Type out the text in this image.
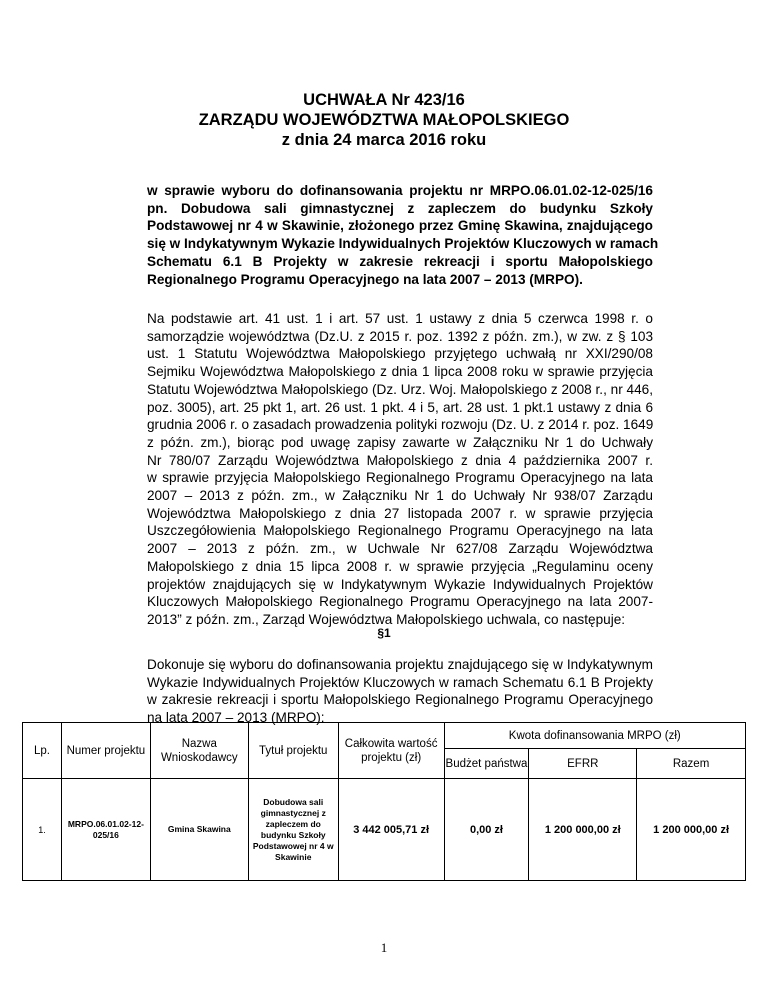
UCHWAŁA Nr 423/16
ZARZĄDU WOJEWÓDZTWA MAŁOPOLSKIEGO
z dnia 24 marca 2016 roku
w sprawie wyboru do dofinansowania projektu nr MRPO.06.01.02-12-025/16
pn. Dobudowa sali gimnastycznej z zapleczem do budynku Szkoły
Podstawowej nr 4 w Skawinie, złożonego przez Gminę Skawina, znajdującego
się w Indykatywnym Wykazie Indywidualnych Projektów Kluczowych w ramach
Schematu 6.1 B Projekty w zakresie rekreacji i sportu Małopolskiego
Regionalnego Programu Operacyjnego na lata 2007 – 2013 (MRPO).
Na podstawie art. 41 ust. 1 i art. 57 ust. 1 ustawy z dnia 5 czerwca 1998 r. o
samorządzie województwa (Dz.U. z 2015 r. poz. 1392 z późn. zm.), w zw. z § 103
ust. 1 Statutu Województwa Małopolskiego przyjętego uchwałą nr XXI/290/08
Sejmiku Województwa Małopolskiego z dnia 1 lipca 2008 roku w sprawie przyjęcia
Statutu Województwa Małopolskiego (Dz. Urz. Woj. Małopolskiego z 2008 r., nr 446,
poz. 3005), art. 25 pkt 1, art. 26 ust. 1 pkt. 4 i 5, art. 28 ust. 1 pkt.1 ustawy z dnia 6
grudnia 2006 r. o zasadach prowadzenia polityki rozwoju (Dz. U. z 2014 r. poz. 1649
z późn. zm.), biorąc pod uwagę zapisy zawarte w Załączniku Nr 1 do Uchwały
Nr 780/07 Zarządu Województwa Małopolskiego z dnia 4 października 2007 r.
w sprawie przyjęcia Małopolskiego Regionalnego Programu Operacyjnego na lata
2007 – 2013 z późn. zm., w Załączniku Nr 1 do Uchwały Nr 938/07 Zarządu
Województwa Małopolskiego z dnia 27 listopada 2007 r. w sprawie przyjęcia
Uszczegółowienia Małopolskiego Regionalnego Programu Operacyjnego na lata
2007 – 2013 z późn. zm., w Uchwale Nr 627/08 Zarządu Województwa
Małopolskiego z dnia 15 lipca 2008 r. w sprawie przyjęcia „Regulaminu oceny
projektów znajdujących się w Indykatywnym Wykazie Indywidualnych Projektów
Kluczowych Małopolskiego Regionalnego Programu Operacyjnego na lata 2007-
2013” z późn. zm., Zarząd Województwa Małopolskiego uchwala, co następuje:
§1
Dokonuje się wyboru do dofinansowania projektu znajdującego się w Indykatywnym
Wykazie Indywidualnych Projektów Kluczowych w ramach Schematu 6.1 B Projekty
w zakresie rekreacji i sportu Małopolskiego Regionalnego Programu Operacyjnego
na lata 2007 – 2013 (MRPO):
Lp.	Numer projektu	Nazwa Wnioskodawcy	Tytuł projektu	Całkowita wartość projektu (zł)	Kwota dofinansowania MRPO (zł)		
					Budżet państwa	EFRR	Razem
1.	MRPO.06.01.02-12-025/16	Gmina Skawina	Dobudowa sali gimnastycznej z zapleczem do budynku Szkoły Podstawowej nr 4 w Skawinie	3 442 005,71 zł	0,00 zł	1 200 000,00 zł	1 200 000,00 zł
1
